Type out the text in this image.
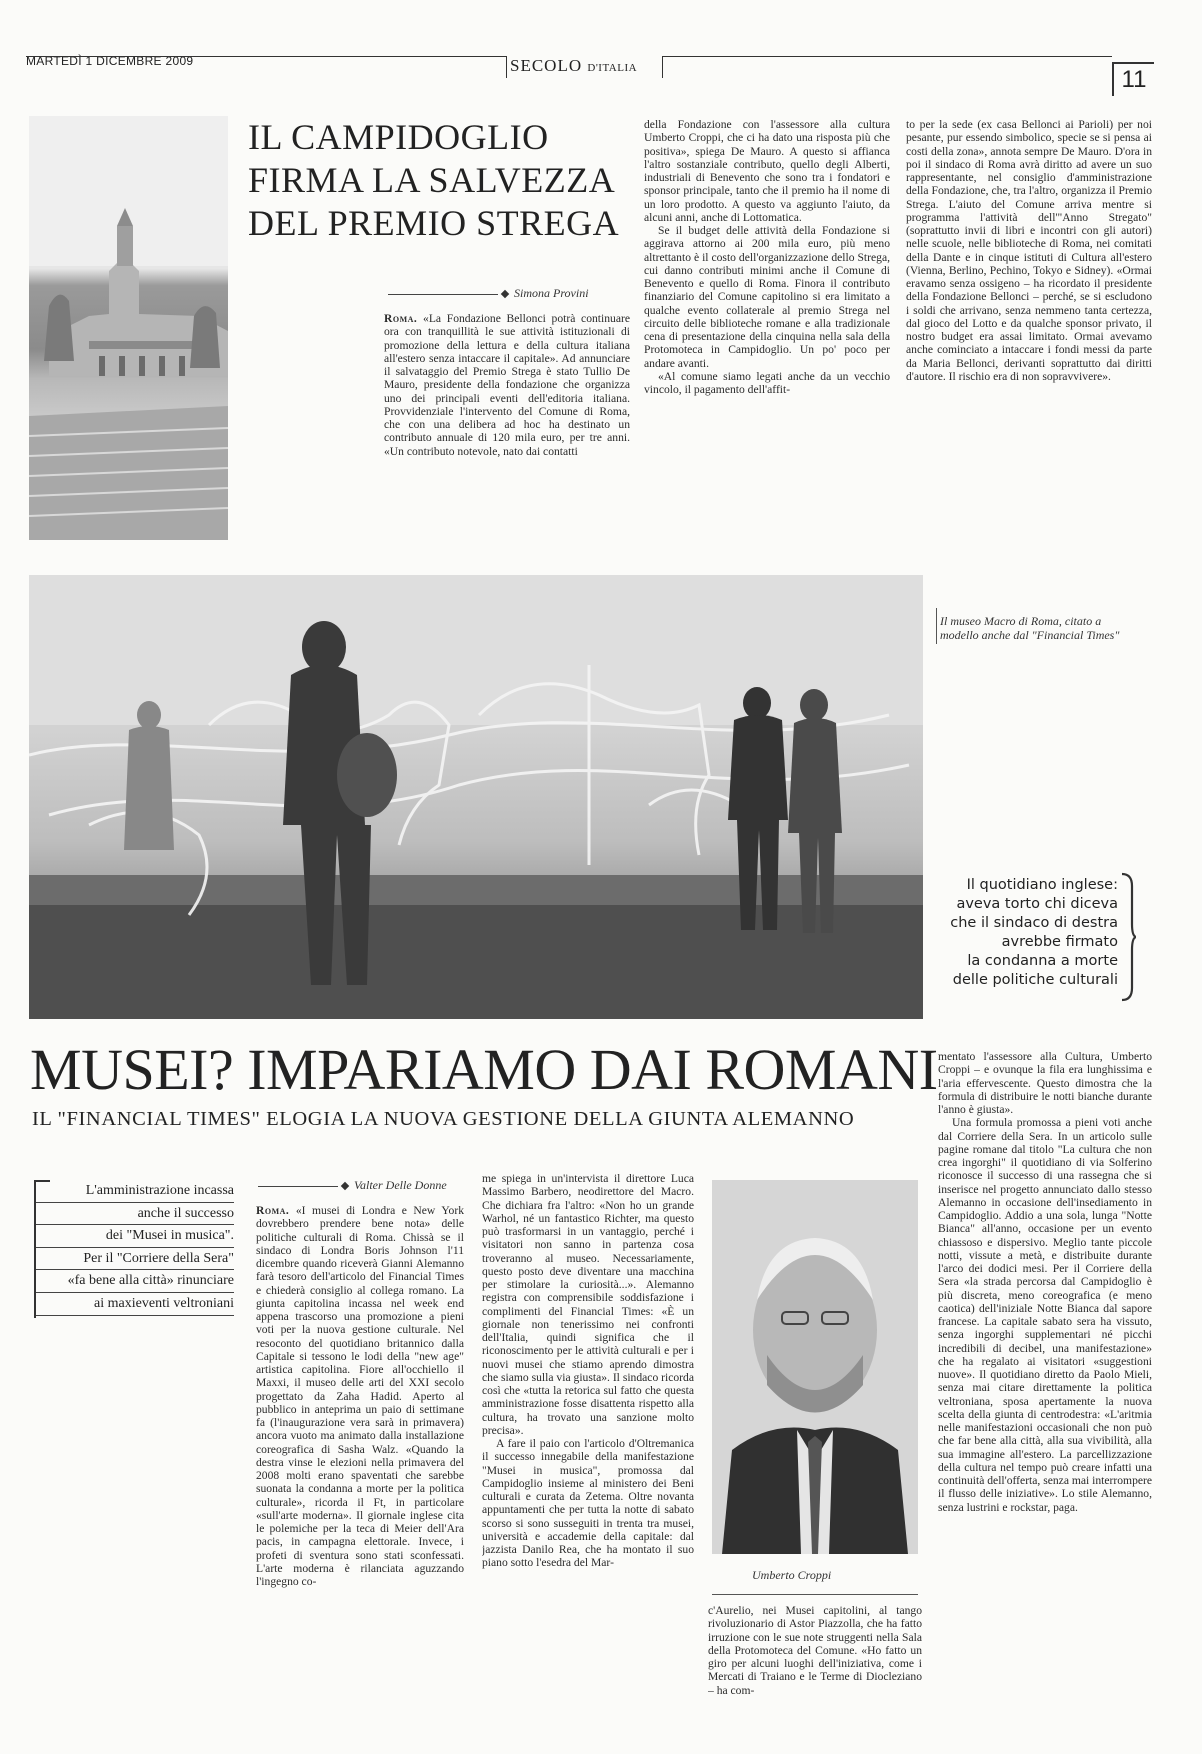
MARTEDÌ 1 DICEMBRE 2009	SECOLO D'ITALIA	11
IL CAMPIDOGLIO
FIRMA LA SALVEZZA
DEL PREMIO STREGA
Simona Provini

Roma. «La Fondazione Bellonci potrà continuare ora con tranquillità le sue attività istituzionali di promozione della lettura e della cultura italiana all'estero senza intaccare il capitale». Ad annunciare il salvataggio del Premio Strega è stato Tullio De Mauro, presidente della fondazione che organizza uno dei principali eventi dell'editoria italiana. Provvidenziale l'intervento del Comune di Roma, che con una delibera ad hoc ha destinato un contributo annuale di 120 mila euro, per tre anni. «Un contributo notevole, nato dai contatti

della Fondazione con l'assessore alla cultura Umberto Croppi, che ci ha dato una risposta più che positiva», spiega De Mauro. A questo si affianca l'altro sostanziale contributo, quello degli Alberti, industriali di Benevento che sono tra i fondatori e sponsor principale, tanto che il premio ha il nome di un loro prodotto. A questo va aggiunto l'aiuto, da alcuni anni, anche di Lottomatica.

Se il budget delle attività della Fondazione si aggirava attorno ai 200 mila euro, più meno altrettanto è il costo dell'organizzazione dello Strega, cui danno contributi minimi anche il Comune di Benevento e quello di Roma. Finora il contributo finanziario del Comune capitolino si era limitato a qualche evento collaterale al premio Strega nel circuito delle biblioteche romane e alla tradizionale cena di presentazione della cinquina nella sala della Protomoteca in Campidoglio. Un po' poco per andare avanti.

«Al comune siamo legati anche da un vecchio vincolo, il pagamento dell'affit-

to per la sede (ex casa Bellonci ai Parioli) per noi pesante, pur essendo simbolico, specie se si pensa ai costi della zona», annota sempre De Mauro. D'ora in poi il sindaco di Roma avrà diritto ad avere un suo rappresentante, nel consiglio d'amministrazione della Fondazione, che, tra l'altro, organizza il Premio Strega. L'aiuto del Comune arriva mentre si programma l'attività dell'"Anno Stregato" (soprattutto invii di libri e incontri con gli autori) nelle scuole, nelle biblioteche di Roma, nei comitati della Dante e in cinque istituti di Cultura all'estero (Vienna, Berlino, Pechino, Tokyo e Sidney). «Ormai eravamo senza ossigeno – ha ricordato il presidente della Fondazione Bellonci – perché, se si escludono i soldi che arrivano, senza nemmeno tanta certezza, dal gioco del Lotto e da qualche sponsor privato, il nostro budget era assai limitato. Ormai avevamo anche cominciato a intaccare i fondi messi da parte da Maria Bellonci, derivanti soprattutto dai diritti d'autore. Il rischio era di non sopravvivere».

Il museo Macro di Roma, citato a modello anche dal "Financial Times"
Il quotidiano inglese:
aveva torto chi diceva
che il sindaco di destra
avrebbe firmato
la condanna a morte
delle politiche culturali
MUSEI? IMPARIAMO DAI ROMANI
IL "FINANCIAL TIMES" ELOGIA LA NUOVA GESTIONE DELLA GIUNTA ALEMANNO
L'amministrazione incassa
anche il successo
dei "Musei in musica".
Per il "Corriere della Sera"
«fa bene alla città» rinunciare
ai maxieventi veltroniani
Valter Delle Donne

Roma. «I musei di Londra e New York dovrebbero prendere bene nota» delle politiche culturali di Roma. Chissà se il sindaco di Londra Boris Johnson l'11 dicembre quando riceverà Gianni Alemanno farà tesoro dell'articolo del Financial Times e chiederà consiglio al collega romano. La giunta capitolina incassa nel week end appena trascorso una promozione a pieni voti per la nuova gestione culturale. Nel resoconto del quotidiano britannico dalla Capitale si tessono le lodi della "new age" artistica capitolina. Fiore all'occhiello il Maxxi, il museo delle arti del XXI secolo progettato da Zaha Hadid. Aperto al pubblico in anteprima un paio di settimane fa (l'inaugurazione vera sarà in primavera) ancora vuoto ma animato dalla installazione coreografica di Sasha Walz. «Quando la destra vinse le elezioni nella primavera del 2008 molti erano spaventati che sarebbe suonata la condanna a morte per la politica culturale», ricorda il Ft, in particolare «sull'arte moderna». Il giornale inglese cita le polemiche per la teca di Meier dell'Ara pacis, in campagna elettorale. Invece, i profeti di sventura sono stati sconfessati. L'arte moderna è rilanciata aguzzando l'ingegno co-

me spiega in un'intervista il direttore Luca Massimo Barbero, neodirettore del Macro. Che dichiara fra l'altro: «Non ho un grande Warhol, né un fantastico Richter, ma questo può trasformarsi in un vantaggio, perché i visitatori non sanno in partenza cosa troveranno al museo. Necessariamente, questo posto deve diventare una macchina per stimolare la curiosità...». Alemanno registra con comprensibile soddisfazione i complimenti del Financial Times: «È un giornale non tenerissimo nei confronti dell'Italia, quindi significa che il riconoscimento per le attività culturali e per i nuovi musei che stiamo aprendo dimostra che siamo sulla via giusta». Il sindaco ricorda così che «tutta la retorica sul fatto che questa amministrazione fosse disattenta rispetto alla cultura, ha trovato una sanzione molto precisa».

A fare il paio con l'articolo d'Oltremanica il successo innegabile della manifestazione "Musei in musica", promossa dal Campidoglio insieme al ministero dei Beni culturali e curata da Zetema. Oltre novanta appuntamenti che per tutta la notte di sabato scorso si sono susseguiti in trenta tra musei, università e accademie della capitale: dal jazzista Danilo Rea, che ha montato il suo piano sotto l'esedra del Mar-

Umberto Croppi

c'Aurelio, nei Musei capitolini, al tango rivoluzionario di Astor Piazzolla, che ha fatto irruzione con le sue note struggenti nella Sala della Protomoteca del Comune. «Ho fatto un giro per alcuni luoghi dell'iniziativa, come i Mercati di Traiano e le Terme di Diocleziano – ha com-

mentato l'assessore alla Cultura, Umberto Croppi – e ovunque la fila era lunghissima e l'aria effervescente. Questo dimostra che la formula di distribuire le notti bianche durante l'anno è giusta».

Una formula promossa a pieni voti anche dal Corriere della Sera. In un articolo sulle pagine romane dal titolo "La cultura che non crea ingorghi" il quotidiano di via Solferino riconosce il successo di una rassegna che si inserisce nel progetto annunciato dallo stesso Alemanno in occasione dell'insediamento in Campidoglio. Addio a una sola, lunga "Notte Bianca" all'anno, occasione per un evento chiassoso e dispersivo. Meglio tante piccole notti, vissute a metà, e distribuite durante l'arco dei dodici mesi. Per il Corriere della Sera «la strada percorsa dal Campidoglio è più discreta, meno coreografica (e meno caotica) dell'iniziale Notte Bianca dal sapore francese. La capitale sabato sera ha vissuto, senza ingorghi supplementari né picchi incredibili di decibel, una manifestazione» che ha regalato ai visitatori «suggestioni nuove». Il quotidiano diretto da Paolo Mieli, senza mai citare direttamente la politica veltroniana, sposa apertamente la nuova scelta della giunta di centrodestra: «L'aritmia nelle manifestazioni occasionali che non può che far bene alla città, alla sua vivibilità, alla sua immagine all'estero. La parcellizzazione della cultura nel tempo può creare infatti una continuità dell'offerta, senza mai interrompere il flusso delle iniziative». Lo stile Alemanno, senza lustrini e rockstar, paga.
